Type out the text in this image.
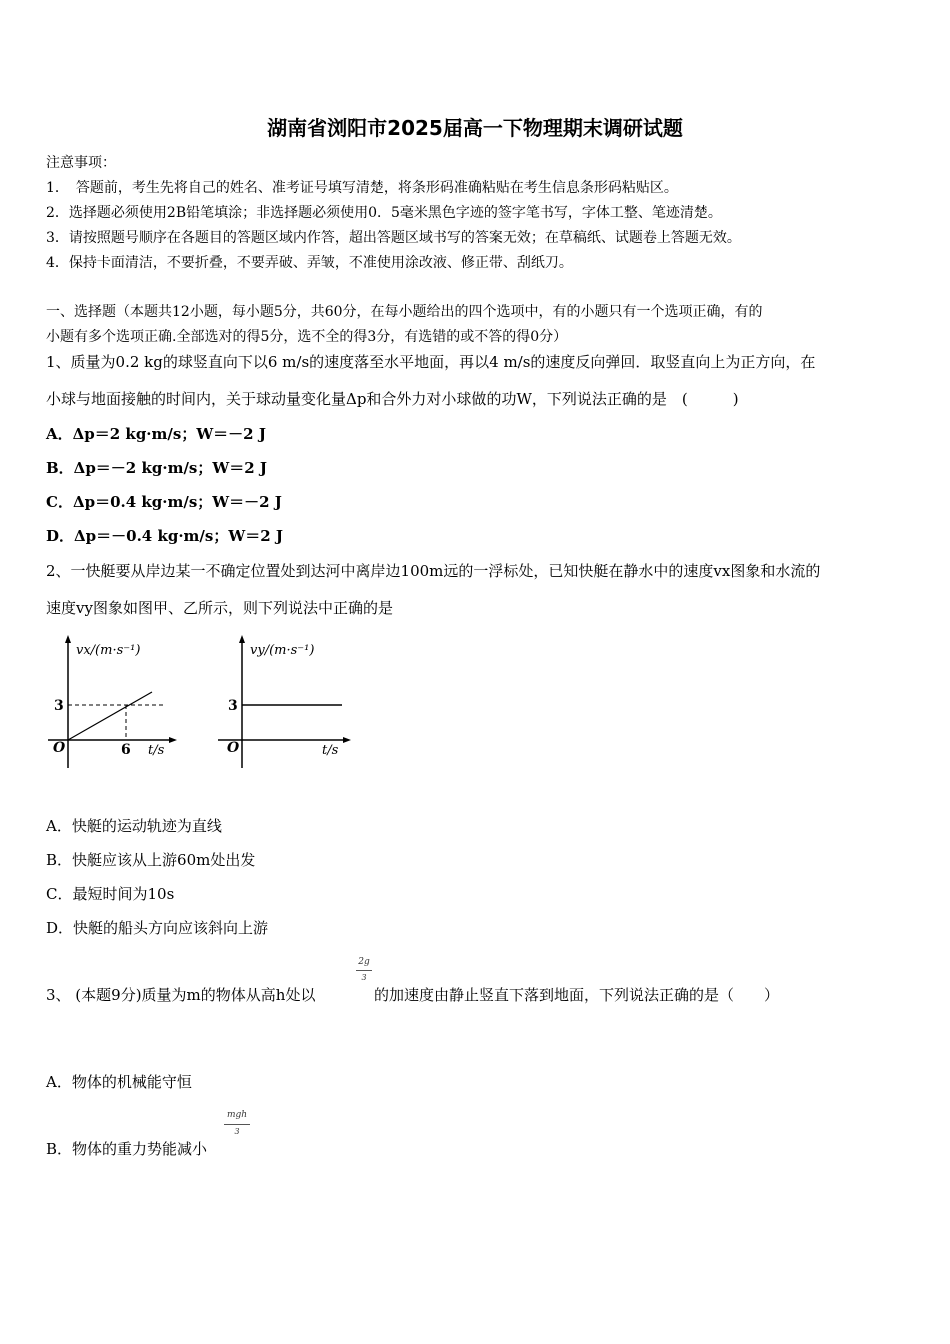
湖南省浏阳市2025届高一下物理期末调研试题
注意事项：
1．　答题前，考生先将自己的姓名、准考证号填写清楚，将条形码准确粘贴在考生信息条形码粘贴区。
2．选择题必须使用2B铅笔填涂；非选择题必须使用0．5毫米黑色字迹的签字笔书写，字体工整、笔迹清楚。
3．请按照题号顺序在各题目的答题区域内作答，超出答题区域书写的答案无效；在草稿纸、试题卷上答题无效。
4．保持卡面清洁，不要折叠，不要弄破、弄皱，不准使用涂改液、修正带、刮纸刀。
一、选择题（本题共12小题，每小题5分，共60分，在每小题给出的四个选项中，有的小题只有一个选项正确，有的
小题有多个选项正确.全部选对的得5分，选不全的得3分，有选错的或不答的得0分）
1、质量为0.2 kg的球竖直向下以6 m/s的速度落至水平地面，再以4 m/s的速度反向弹回．取竖直向上为正方向，在
小球与地面接触的时间内，关于球动量变化量Δp和合外力对小球做的功W，下列说法正确的是　(　　　)
A．Δp＝2 kg·m/s；W＝－2 J
B．Δp＝－2 kg·m/s；W＝2 J
C．Δp＝0.4 kg·m/s；W＝－2 J
D．Δp＝－0.4 kg·m/s；W＝2 J
2、一快艇要从岸边某一不确定位置处到达河中离岸边100m远的一浮标处，已知快艇在静水中的速度vx图象和水流的
速度vy图象如图甲、乙所示，则下列说法中正确的是
vx/(m·s⁻¹)
3
O	6 t/s
vy/(m·s⁻¹)
3
O	t/s
A．快艇的运动轨迹为直线
B．快艇应该从上游60m处出发
C．最短时间为10s
D．快艇的船头方向应该斜向上游
3、 (本题9分)质量为m的物体从高h处以
2g
3
的加速度由静止竖直下落到地面，下列说法正确的是（　　）
A．物体的机械能守恒
B．物体的重力势能减小
mgh
3
